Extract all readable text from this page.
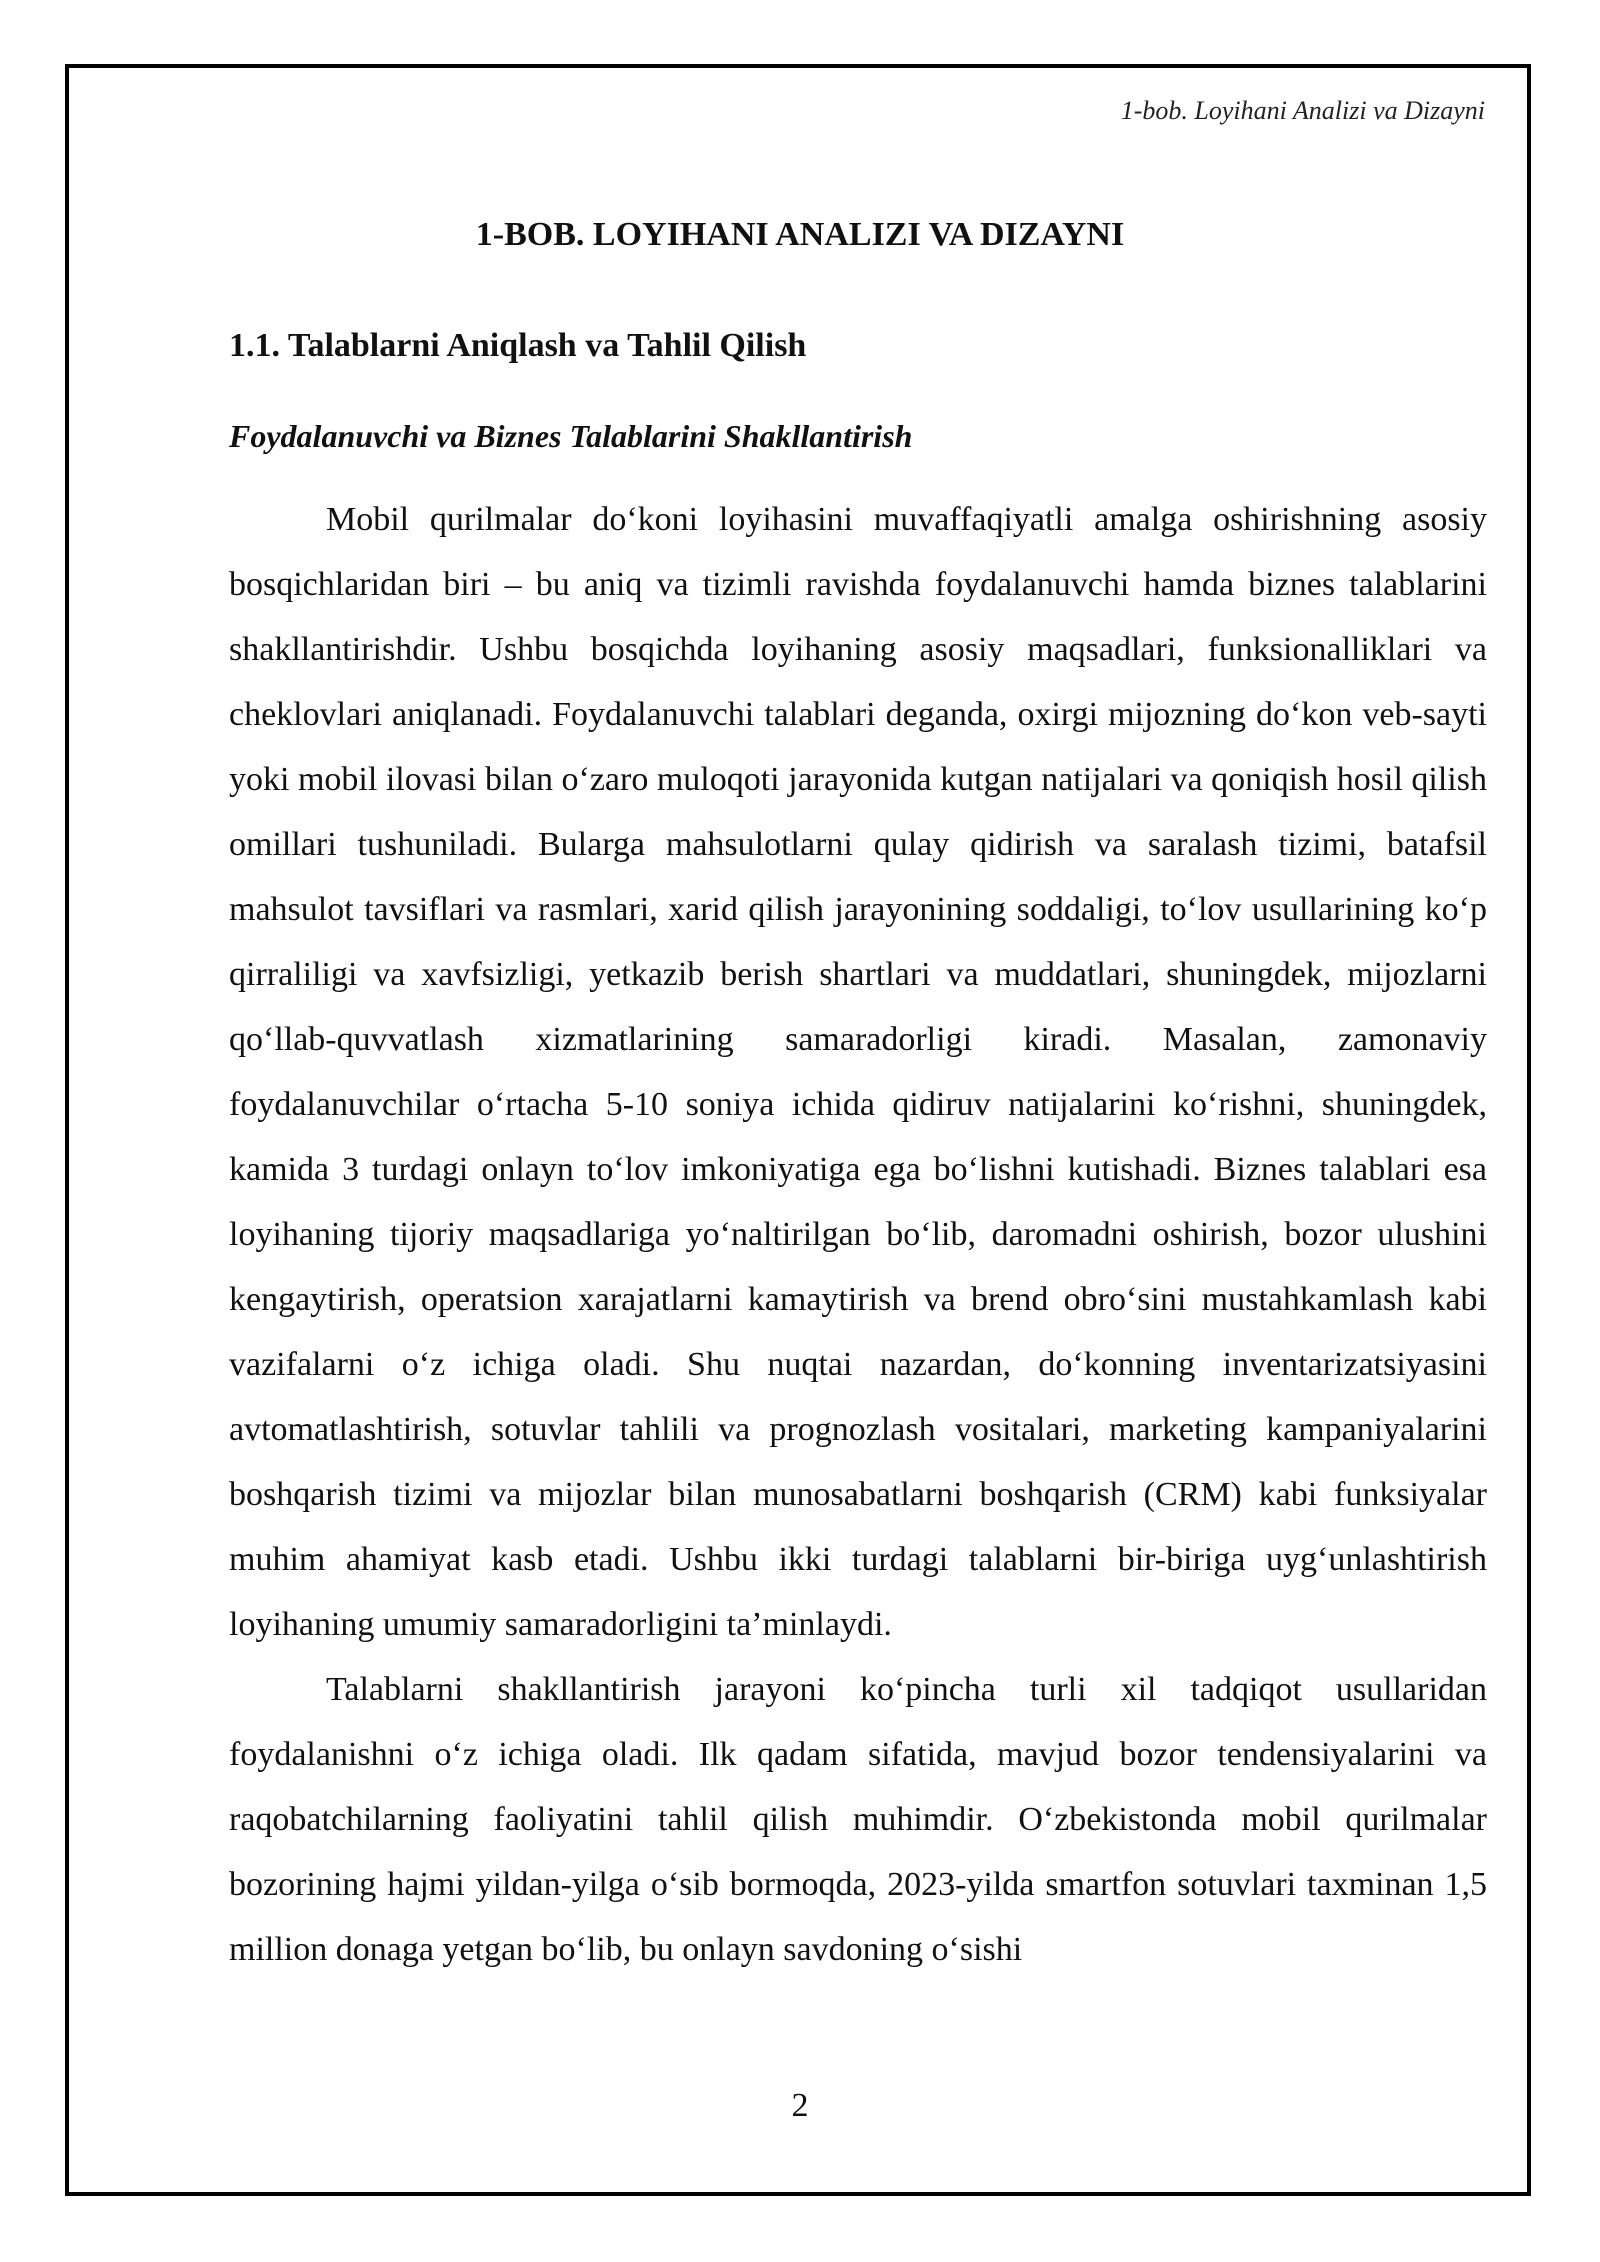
1-bob. Loyihani Analizi va Dizayni
1-BOB. LOYIHANI ANALIZI VA DIZAYNI
1.1. Talablarni Aniqlash va Tahlil Qilish
Foydalanuvchi va Biznes Talablarini Shakllantirish

Mobil qurilmalar do‘koni loyihasini muvaffaqiyatli amalga oshirishning asosiy bosqichlaridan biri – bu aniq va tizimli ravishda foydalanuvchi hamda biznes talablarini shakllantirishdir. Ushbu bosqichda loyihaning asosiy maqsadlari, funksionalliklari va cheklovlari aniqlanadi. Foydalanuvchi talablari deganda, oxirgi mijozning do‘kon veb-sayti yoki mobil ilovasi bilan o‘zaro muloqoti jarayonida kutgan natijalari va qoniqish hosil qilish omillari tushuniladi. Bularga mahsulotlarni qulay qidirish va saralash tizimi, batafsil mahsulot tavsiflari va rasmlari, xarid qilish jarayonining soddaligi, to‘lov usullarining ko‘p qirraliligi va xavfsizligi, yetkazib berish shartlari va muddatlari, shuningdek, mijozlarni qo‘llab-quvvatlash xizmatlarining samaradorligi kiradi. Masalan, zamonaviy foydalanuvchilar o‘rtacha 5-10 soniya ichida qidiruv natijalarini ko‘rishni, shuningdek, kamida 3 turdagi onlayn to‘lov imkoniyatiga ega bo‘lishni kutishadi. Biznes talablari esa loyihaning tijoriy maqsadlariga yo‘naltirilgan bo‘lib, daromadni oshirish, bozor ulushini kengaytirish, operatsion xarajatlarni kamaytirish va brend obro‘sini mustahkamlash kabi vazifalarni o‘z ichiga oladi. Shu nuqtai nazardan, do‘konning inventarizatsiyasini avtomatlashtirish, sotuvlar tahlili va prognozlash vositalari, marketing kampaniyalarini boshqarish tizimi va mijozlar bilan munosabatlarni boshqarish (CRM) kabi funksiyalar muhim ahamiyat kasb etadi. Ushbu ikki turdagi talablarni bir-biriga uyg‘unlashtirish loyihaning umumiy samaradorligini ta’minlaydi.

Talablarni shakllantirish jarayoni ko‘pincha turli xil tadqiqot usullaridan foydalanishni o‘z ichiga oladi. Ilk qadam sifatida, mavjud bozor tendensiyalarini va raqobatchilarning faoliyatini tahlil qilish muhimdir. O‘zbekistonda mobil qurilmalar bozorining hajmi yildan-yilga o‘sib bormoqda, 2023-yilda smartfon sotuvlari taxminan 1,5 million donaga yetgan bo‘lib, bu onlayn savdoning o‘sishi

2
